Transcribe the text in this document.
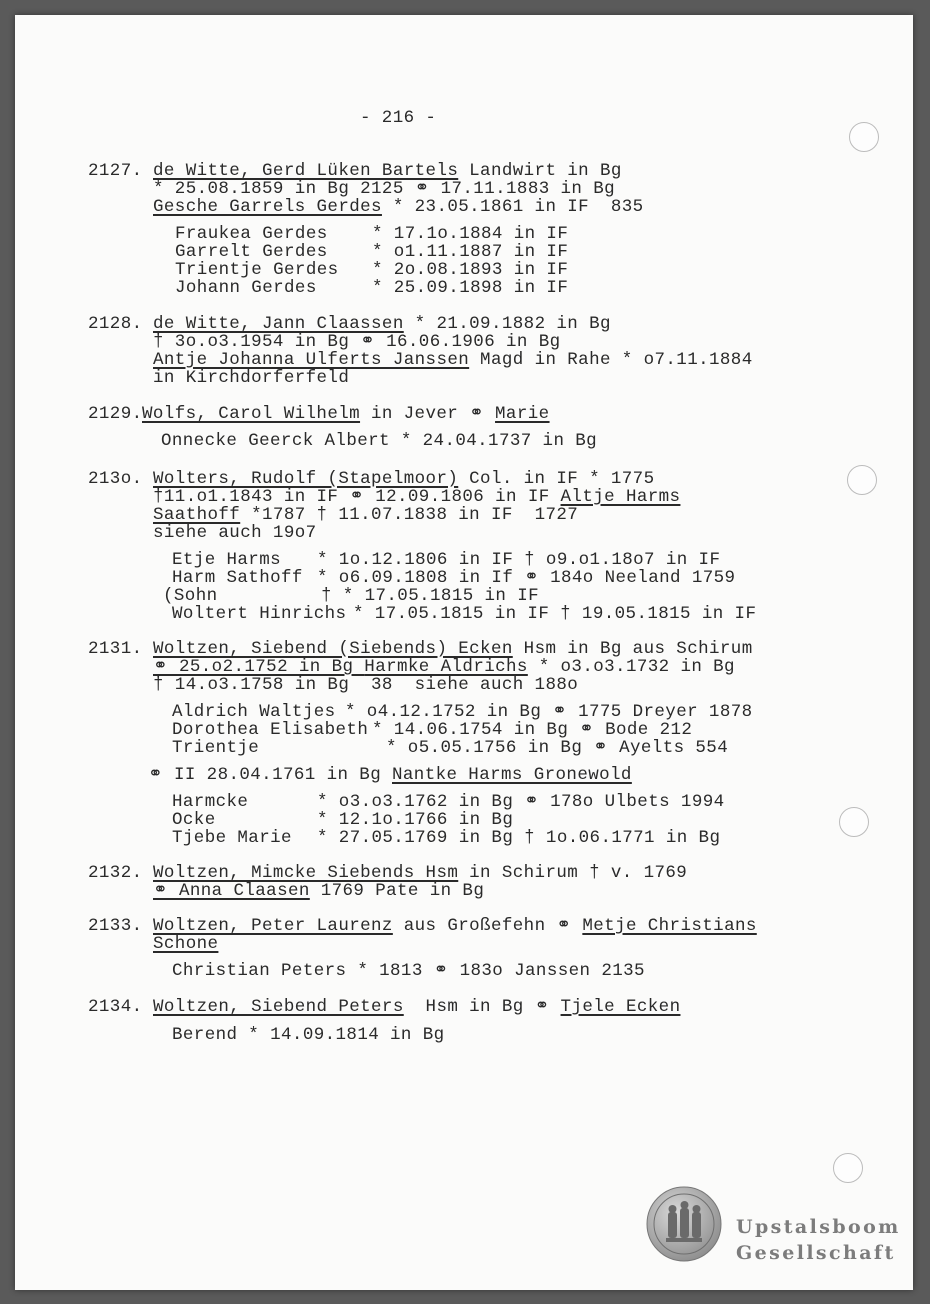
- 216 -
2127. de Witte, Gerd Lüken Bartels Landwirt in Bg
* 25.08.1859 in Bg 2125 ⚭ 17.11.1883 in Bg
Gesche Garrels Gerdes * 23.05.1861 in IF  835
Fraukea Gerdes	* 17.1o.1884 in IF
Garrelt Gerdes	* o1.11.1887 in IF
Trientje Gerdes * 2o.08.1893 in IF
Johann Gerdes	* 25.09.1898 in IF
2128. de Witte, Jann Claassen * 21.09.1882 in Bg
† 3o.o3.1954 in Bg ⚭ 16.06.1906 in Bg
Antje Johanna Ulferts Janssen Magd in Rahe * o7.11.1884
in Kirchdorferfeld
2129. Wolfs, Carol Wilhelm in Jever ⚭ Marie
Onnecke Geerck Albert * 24.04.1737 in Bg
213o. Wolters, Rudolf (Stapelmoor) Col. in IF * 1775
†11.o1.1843 in IF ⚭ 12.09.1806 in IF Altje Harms
Saathoff *1787 † 11.07.1838 in IF  1727
siehe auch 19o7
Etje Harms * 1o.12.1806 in IF † o9.o1.18o7 in IF
Harm Sathoff * o6.09.1808 in If ⚭ 184o Neeland 1759
(Sohn	† * 17.05.1815 in IF
Woltert Hinrichs * 17.05.1815 in IF † 19.05.1815 in IF
2131. Woltzen, Siebend (Siebends) Ecken Hsm in Bg aus Schirum
⚭ 25.o2.1752 in Bg Harmke Aldrichs * o3.o3.1732 in Bg
† 14.o3.1758 in Bg  38  siehe auch 188o
Aldrich Waltjes * o4.12.1752 in Bg ⚭ 1775 Dreyer 1878
Dorothea Elisabeth * 14.06.1754 in Bg ⚭ Bode 212
Trientje	* o5.05.1756 in Bg ⚭ Ayelts 554
⚭ II 28.04.1761 in Bg Nantke Harms Gronewold
Harmcke	* o3.o3.1762 in Bg ⚭ 178o Ulbets 1994
Ocke	* 12.1o.1766 in Bg
Tjebe Marie * 27.05.1769 in Bg † 1o.06.1771 in Bg
2132. Woltzen, Mimcke Siebends Hsm in Schirum † v. 1769
⚭ Anna Claasen 1769 Pate in Bg
2133. Woltzen, Peter Laurenz aus Großefehn ⚭ Metje Christians
Schone
Christian Peters * 1813 ⚭ 183o Janssen 2135
2134. Woltzen, Siebend Peters  Hsm in Bg ⚭ Tjele Ecken
Berend * 14.09.1814 in Bg
Upstalsboom
Gesellschaft
